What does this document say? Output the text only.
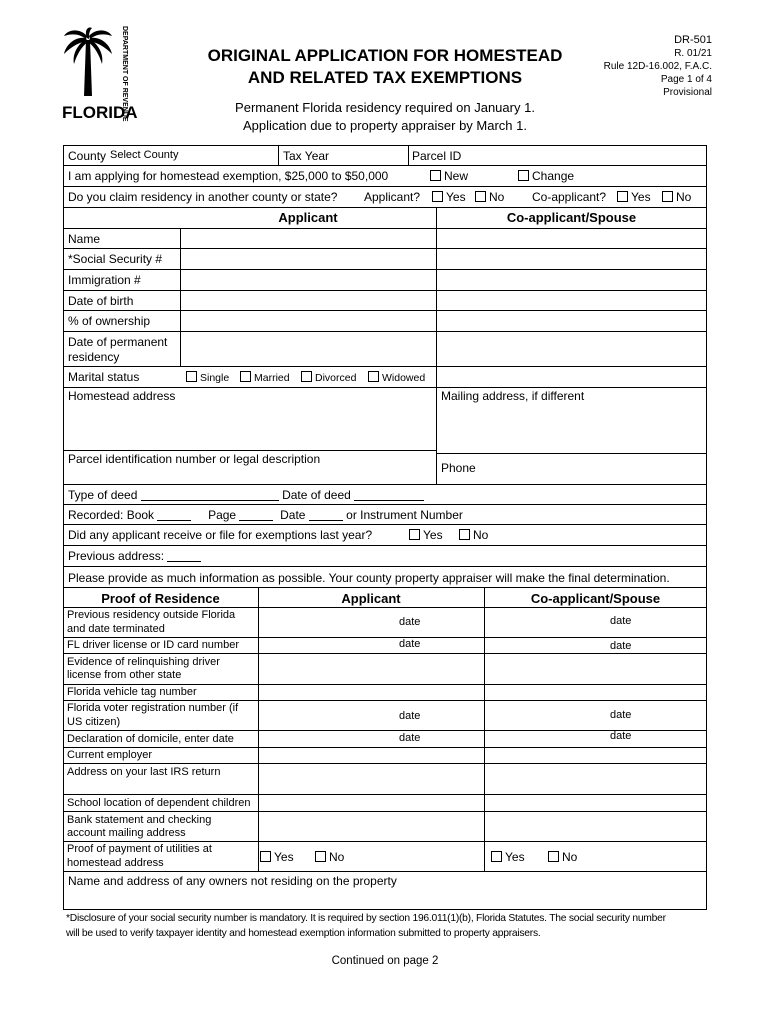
DEPARTMENT OF REVENUE
FLORIDA
ORIGINAL APPLICATION FOR HOMESTEAD
AND RELATED TAX EXEMPTIONS
Permanent Florida residency required on January 1.
Application due to property appraiser by March 1.
DR-501
R. 01/21
Rule 12D-16.002, F.A.C.
Page 1 of 4
Provisional
County Select County	Tax Year	Parcel ID
I am applying for homestead exemption, $25,000 to $50,000	New	Change
Do you claim residency in another county or state? Applicant?	Yes	No Co-applicant?	Yes	No
Applicant	Co-applicant/Spouse
Name
*Social Security #
Immigration #
Date of birth
% of ownership
Date of permanent
residency
Marital status	Single	Married	Divorced	Widowed
Homestead address	Mailing address, if different
Parcel identification number or legal description
Phone
Type of deed	Date of deed
Recorded: Book	Page	Date	or Instrument Number
Did any applicant receive or file for exemptions last year?	Yes	No
Previous address:
Please provide as much information as possible. Your county property appraiser will make the final determination.
Proof of Residence	Applicant	Co-applicant/Spouse
Previous residency outside Florida
and date terminated
date	date
FL driver license or ID card number	date	date
Evidence of relinquishing driver
license from other state
Florida vehicle tag number
Florida voter registration number (if
US citizen)	date	date
Declaration of domicile, enter date	date	date
Current employer
Address on your last IRS return
School location of dependent children
Bank statement and checking
account mailing address
Proof of payment of utilities at
homestead address	Yes	No	Yes	No
Name and address of any owners not residing on the property
*Disclosure of your social security number is mandatory. It is required by section 196.011(1)(b), Florida Statutes. The social security number
will be used to verify taxpayer identity and homestead exemption information submitted to property appraisers.
Continued on page 2
